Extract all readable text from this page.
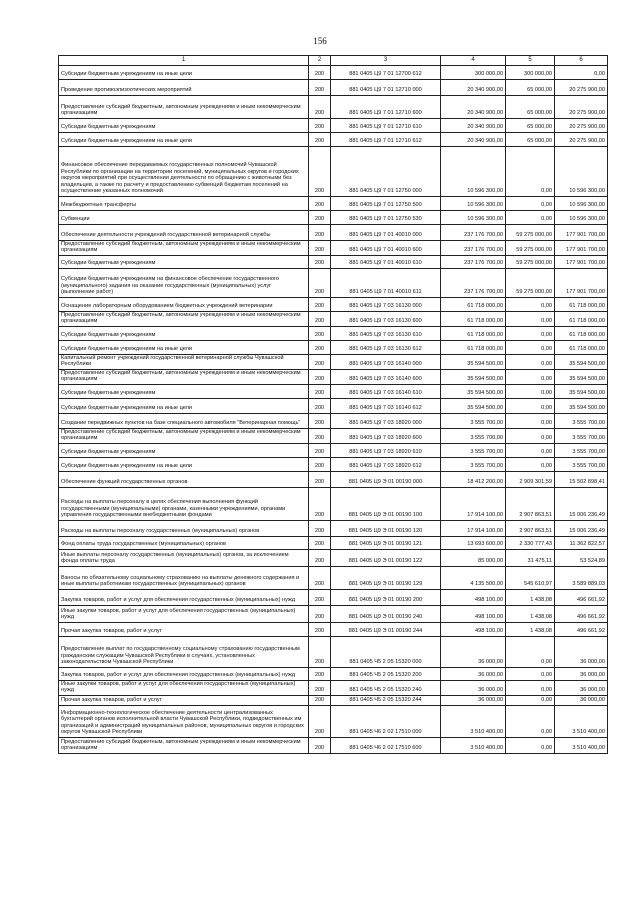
156
1	2	3	4	5	6
Субсидии бюджетным учреждениям на иные цели	200	881 0405 Ц9 7 01 12700 612	300 000,00	300 000,00	0,00
Проведение противоэпизоотических мероприятий	200	881 0405 Ц9 7 01 12710 000	20 340 900,00	65 000,00	20 275 900,00
Предоставление субсидий бюджетным, автономным учреждениям и иным некоммерческим организациям	200	881 0405 Ц9 7 01 12710 600	20 340 900,00	65 000,00	20 275 900,00
Субсидии бюджетным учреждениям	200	881 0405 Ц9 7 01 12710 610	20 340 900,00	65 000,00	20 275 900,00
Субсидии бюджетным учреждениям на иные цели	200	881 0405 Ц9 7 01 12710 612	20 340 900,00	65 000,00	20 275 900,00
Финансовое обеспечение передаваемых государственных полномочий Чувашской Республики по организации на территории поселений, муниципальных округов и городских округов мероприятий при осуществлении деятельности по обращению с животными без владельцев, а также по расчету и предоставлению субвенций бюджетам поселений на осуществление указанных полномочий	200	881 0405 Ц9 7 01 12750 000	10 596 300,00	0,00	10 596 300,00
Межбюджетные трансферты	200	881 0405 Ц9 7 01 12750 500	10 596 300,00	0,00	10 596 300,00
Субвенции	200	881 0405 Ц9 7 01 12750 530	10 596 300,00	0,00	10 596 300,00
Обеспечение деятельности учреждений государственной ветеринарной службы	200	881 0405 Ц9 7 01 40010 000	237 176 700,00	59 275 000,00	177 901 700,00
Предоставление субсидий бюджетным, автономным учреждениям и иным некоммерческим организациям	200	881 0405 Ц9 7 01 40010 600	237 176 700,00	59 275 000,00	177 901 700,00
Субсидии бюджетным учреждениям	200	881 0405 Ц9 7 01 40010 610	237 176 700,00	59 275 000,00	177 901 700,00
Субсидии бюджетным учреждениям на финансовое обеспечение государственного (муниципального) задания на оказание государственных (муниципальных) услуг (выполнение работ)	200	881 0405 Ц9 7 01 40010 611	237 176 700,00	59 275 000,00	177 901 700,00
Оснащение лабораторным оборудованием бюджетных учреждений ветеринарии	200	881 0405 Ц9 7 03 16130 000	61 718 000,00	0,00	61 718 000,00
Предоставление субсидий бюджетным, автономным учреждениям и иным некоммерческим организациям	200	881 0405 Ц9 7 03 16130 600	61 718 000,00	0,00	61 718 000,00
Субсидии бюджетным учреждениям	200	881 0405 Ц9 7 03 16130 610	61 718 000,00	0,00	61 718 000,00
Субсидии бюджетным учреждениям на иные цели	200	881 0405 Ц9 7 03 16130 612	61 718 000,00	0,00	61 718 000,00
Капитальный ремонт учреждений государственной ветеринарной службы Чувашской Республики	200	881 0405 Ц9 7 03 16140 000	35 594 500,00	0,00	35 594 500,00
Предоставление субсидий бюджетным, автономным учреждениям и иным некоммерческим организациям	200	881 0405 Ц9 7 03 16140 600	35 594 500,00	0,00	35 594 500,00
Субсидии бюджетным учреждениям	200	881 0405 Ц9 7 03 16140 610	35 594 500,00	0,00	35 594 500,00
Субсидии бюджетным учреждениям на иные цели	200	881 0405 Ц9 7 03 16140 612	35 594 500,00	0,00	35 594 500,00
Создание передвижных пунктов на базе специального автомобиля "Ветеринарная помощь"	200	881 0405 Ц9 7 03 18920 000	3 555 700,00	0,00	3 555 700,00
Предоставление субсидий бюджетным, автономным учреждениям и иным некоммерческим организациям	200	881 0405 Ц9 7 03 18920 600	3 555 700,00	0,00	3 555 700,00
Субсидии бюджетным учреждениям	200	881 0405 Ц9 7 03 18920 610	3 555 700,00	0,00	3 555 700,00
Субсидии бюджетным учреждениям на иные цели	200	881 0405 Ц9 7 03 18920 612	3 555 700,00	0,00	3 555 700,00
Обеспечение функций государственных органов	200	881 0405 Ц9 Э 01 00190 000	18 412 200,00	2 909 301,59	15 502 898,41
Расходы на выплаты персоналу в целях обеспечения выполнения функций государственными (муниципальными) органами, казенными учреждениями, органами управления государственными внебюджетными фондами	200	881 0405 Ц9 Э 01 00190 100	17 914 100,00	2 907 863,51	15 006 236,49
Расходы на выплаты персоналу государственных (муниципальных) органов	200	881 0405 Ц9 Э 01 00190 120	17 914 100,00	2 907 863,51	15 006 236,49
Фонд оплаты труда государственных (муниципальных) органов	200	881 0405 Ц9 Э 01 00190 121	13 693 600,00	2 330 777,43	11 362 822,57
Иные выплаты персоналу государственных (муниципальных) органов, за исключением фонда оплаты труда	200	881 0405 Ц9 Э 01 00190 122	85 000,00	31 475,11	53 524,89
Взносы по обязательному социальному страхованию на выплаты денежного содержания и иные выплаты работникам государственных (муниципальных) органов	200	881 0405 Ц9 Э 01 00190 129	4 135 500,00	545 610,97	3 589 889,03
Закупка товаров, работ и услуг для обеспечения государственных (муниципальных) нужд	200	881 0405 Ц9 Э 01 00190 200	498 100,00	1 438,08	496 661,92
Иные закупки товаров, работ и услуг для обеспечения государственных (муниципальных) нужд	200	881 0405 Ц9 Э 01 00190 240	498 100,00	1 438,08	496 661,92
Прочая закупка товаров, работ и услуг	200	881 0405 Ц9 Э 01 00190 244	498 100,00	1 438,08	496 661,92
Предоставление выплат по государственному социальному страхованию государственным гражданским служащим Чувашской Республики в случаях, установленных законодательством Чувашской Республики	200	881 0405 Ч5 2 05 15320 000	36 000,00	0,00	36 000,00
Закупка товаров, работ и услуг для обеспечения государственных (муниципальных) нужд	200	881 0405 Ч5 2 05 15320 200	36 000,00	0,00	36 000,00
Иные закупки товаров, работ и услуг для обеспечения государственных (муниципальных) нужд	200	881 0405 Ч5 2 05 15320 240	36 000,00	0,00	36 000,00
Прочая закупка товаров, работ и услуг	200	881 0405 Ч5 2 05 15320 244	36 000,00	0,00	36 000,00
Информационно-технологическое обеспечение деятельности централизованных бухгалтерий органов исполнительной власти Чувашской Республики, подведомственных им организаций и администраций муниципальных районов, муниципальных округов и городских округов Чувашской Республики	200	881 0405 Ч6 2 02 17510 000	3 510 400,00	0,00	3 510 400,00
Предоставление субсидий бюджетным, автономным учреждениям и иным некоммерческим организациям	200	881 0405 Ч6 2 02 17510 600	3 510 400,00	0,00	3 510 400,00
